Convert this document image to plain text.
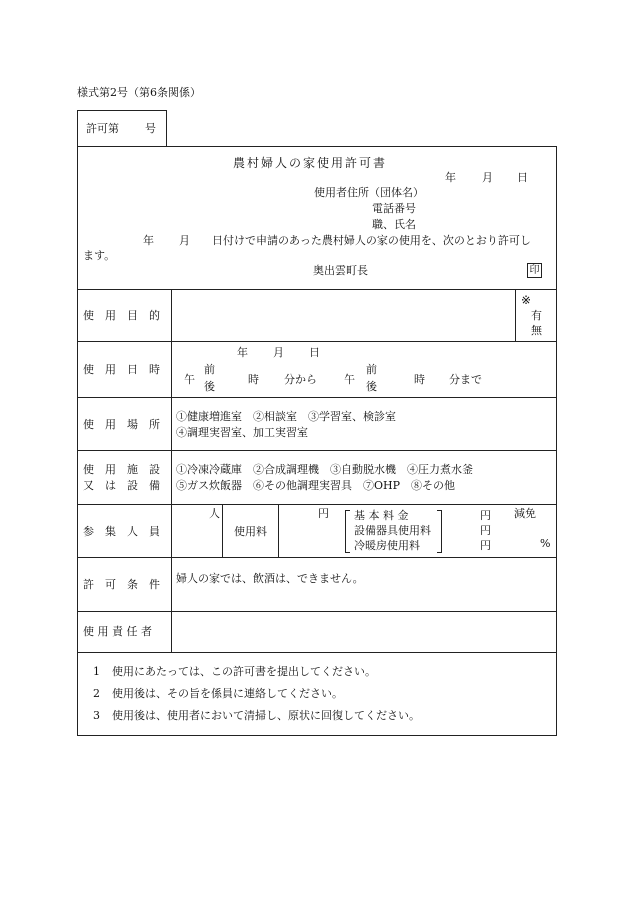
様式第2号（第6条関係）
許可第 号
農村婦人の家使用許可書
年 月 日
使用者住所（団体名）
電話番号
職、氏名
年 月 日付けで申請のあった農村婦人の家の使用を、次のとおり許可し
ます。
奥出雲町長	印
使　用　目　的
※
有
無
使　用　日　時
年 月 日
前
午
後
時 分から
前
午
後
時 分まで
使　用　場　所
①健康増進室　②相談室　③学習室、検診室
④調理実習室、加工実習室
使　用　施　設
又　は　設　備
①冷凍冷蔵庫　②合成調理機　③自動脱水機　④圧力煮水釜
⑤ガス炊飯器　⑥その他調理実習具　⑦OHP　⑧その他
参　集　人　員
人
使用料
円 基 本 料 金
設備器具使用料
冷暖房使用料
円
円
円
減免
%
許　可　条　件 婦人の家では、飲酒は、できません。
使 用 責 任 者
1 使用にあたっては、この許可書を提出してください。
2 使用後は、その旨を係員に連絡してください。
3 使用後は、使用者において清掃し、原状に回復してください。
